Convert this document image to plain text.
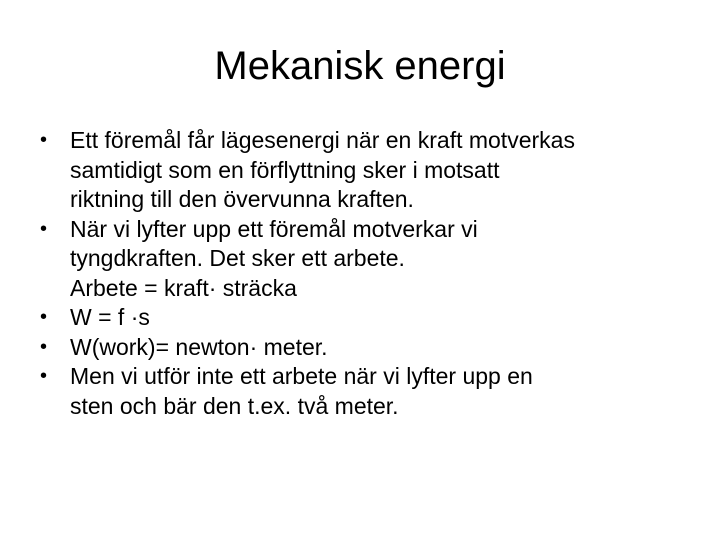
Mekanisk energi
• Ett föremål får lägesenergi när en kraft motverkas
samtidigt som en förflyttning sker i motsatt
riktning till den övervunna kraften.
• När vi lyfter upp ett föremål motverkar vi
tyngdkraften. Det sker ett arbete.
Arbete = kraft· sträcka
• W = f ·s
• W(work)= newton· meter.
• Men vi utför inte ett arbete när vi lyfter upp en
sten och bär den t.ex. två meter.
